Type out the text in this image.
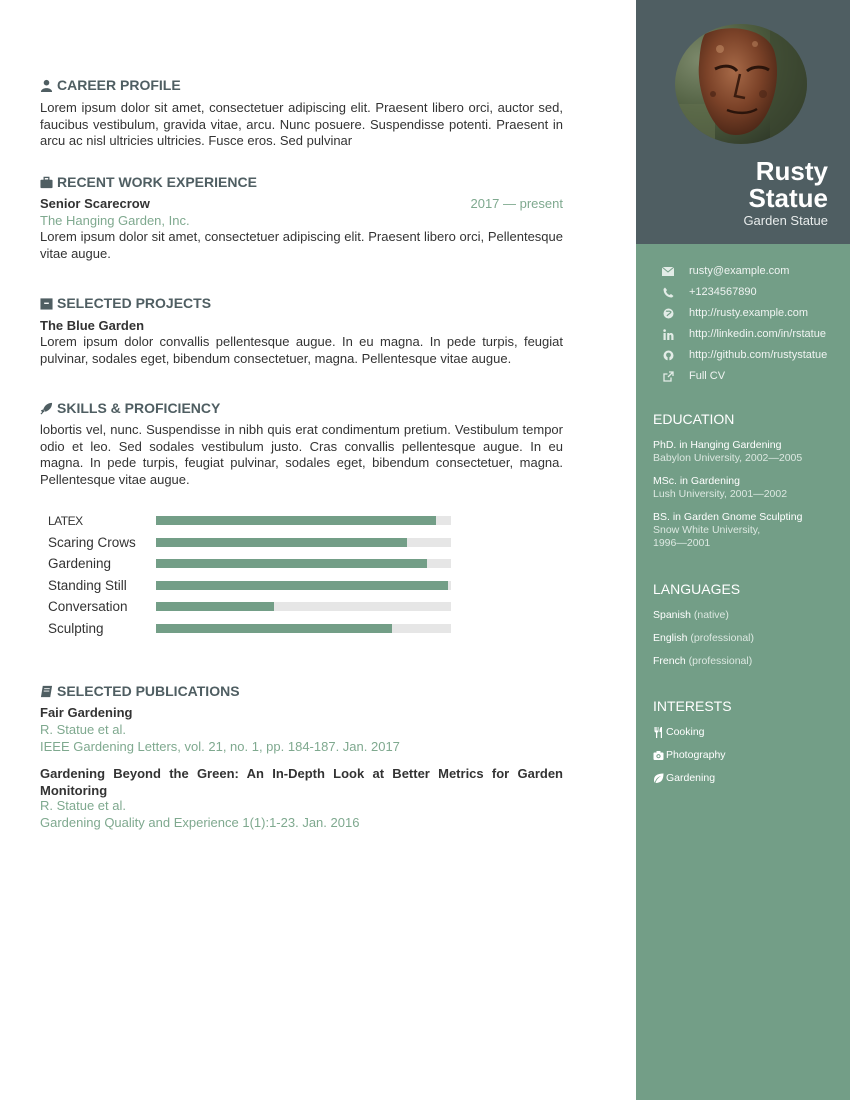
CAREER PROFILE

Lorem ipsum dolor sit amet, consectetuer adipiscing elit. Praesent libero orci, auctor sed, faucibus vestibulum, gravida vitae, arcu. Nunc posuere. Suspendisse potenti. Praesent in arcu ac nisl ultricies ultricies. Fusce eros. Sed pulvinar

RECENT WORK EXPERIENCE
Senior Scarecrow	2017 — present
The Hanging Garden, Inc.

Lorem ipsum dolor sit amet, consectetuer adipiscing elit. Praesent libero orci, Pellentesque vitae augue.

SELECTED PROJECTS
The Blue Garden

Lorem ipsum dolor convallis pellentesque augue. In eu magna. In pede turpis, feugiat pulvinar, sodales eget, bibendum consectetuer, magna. Pellentesque vitae augue.

SKILLS & PROFICIENCY

lobortis vel, nunc. Suspendisse in nibh quis erat condimentum pretium. Vestibulum tempor odio et leo. Sed sodales vestibulum justo. Cras convallis pellentesque augue. In eu magna. In pede turpis, feugiat pulvinar, sodales eget, bibendum consectetuer, magna. Pellentesque vitae augue.

LATEX
Scaring Crows
Gardening
Standing Still
Conversation
Sculpting
SELECTED PUBLICATIONS
Fair Gardening
R. Statue et al.
IEEE Gardening Letters, vol. 21, no. 1, pp. 184-187. Jan. 2017
Gardening Beyond the Green: An In-Depth Look at Better Metrics for Garden Monitoring
R. Statue et al.
Gardening Quality and Experience 1(1):1-23. Jan. 2016
Rusty
Statue
Garden Statue
rusty@example.com
+1234567890
http://rusty.example.com
http://linkedin.com/in/rstatue
http://github.com/rustystatue
Full CV
EDUCATION
PhD. in Hanging Gardening
Babylon University, 2002—2005
MSc. in Gardening
Lush University, 2001—2002
BS. in Garden Gnome Sculpting
Snow White University,
1996—2001
LANGUAGES
Spanish (native)
English (professional)
French (professional)
INTERESTS
Cooking
Photography
Gardening
